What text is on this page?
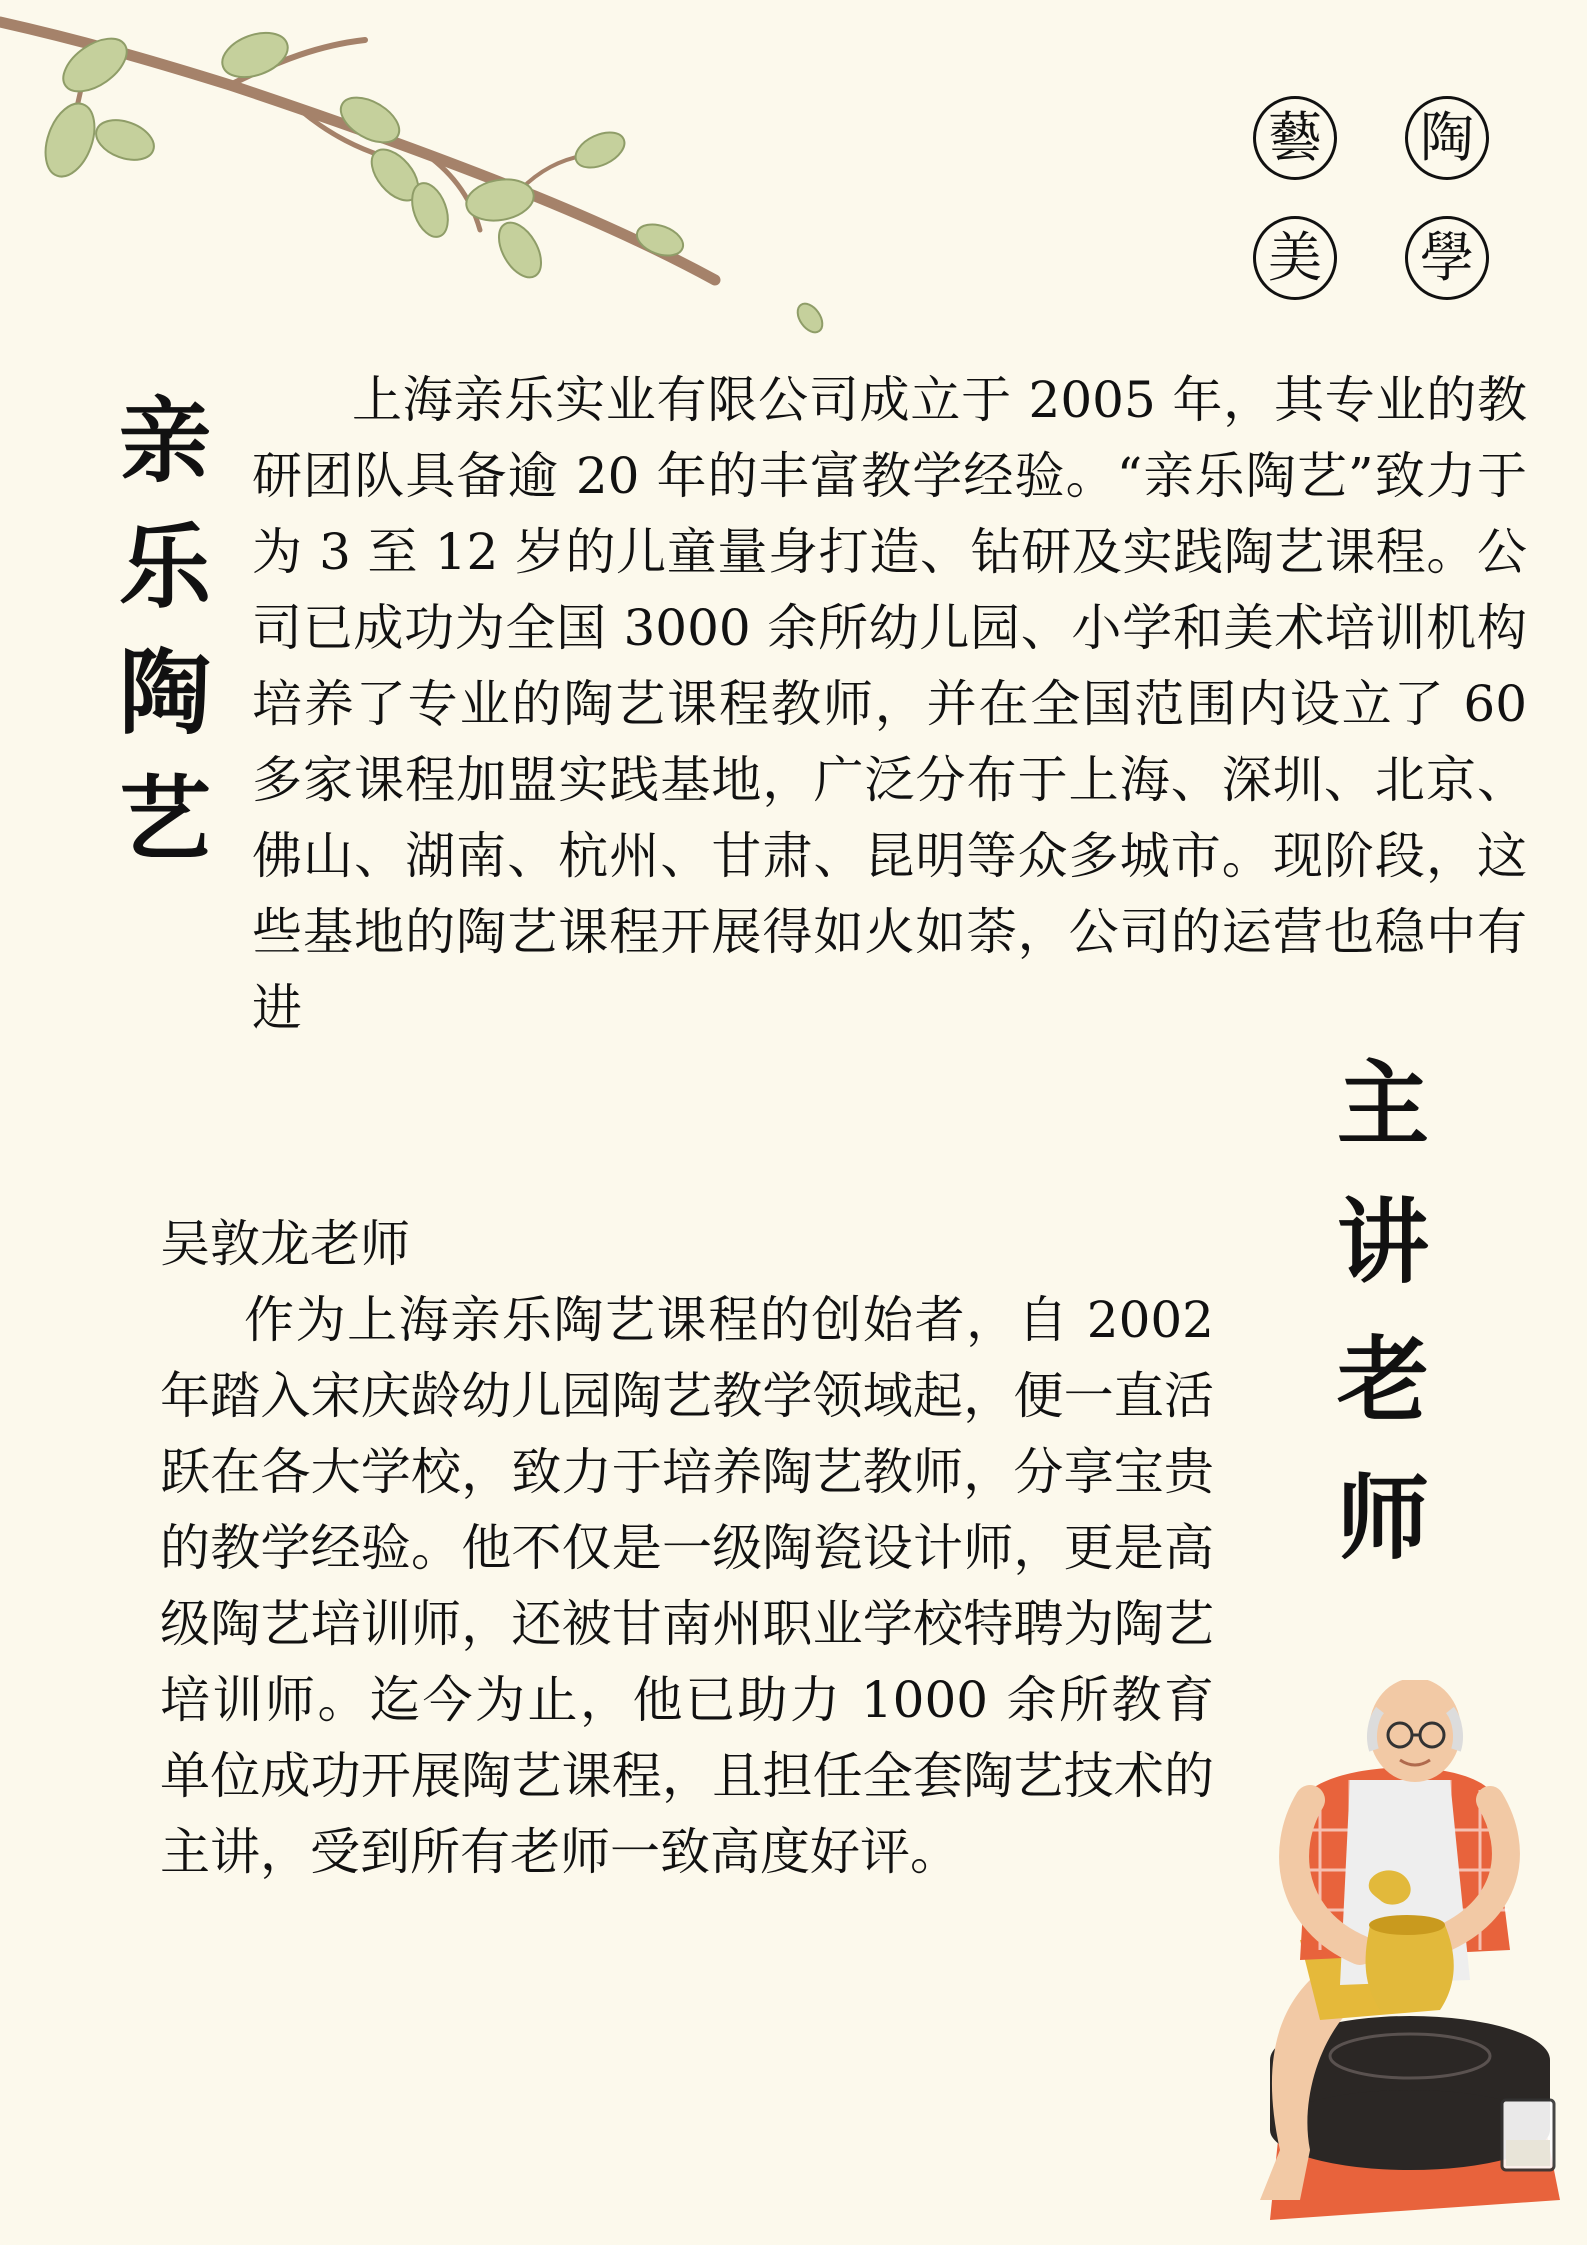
藝 陶
美 學
亲乐陶艺	上海亲乐实业有限公司成立于 2005 年，其专业的教研团队具备逾 20 年的丰富教学经验。“亲乐陶艺”致力于为 3 至 12 岁的儿童量身打造、钻研及实践陶艺课程。公司已成功为全国 3000 余所幼儿园、小学和美术培训机构培养了专业的陶艺课程教师，并在全国范围内设立了 60 多家课程加盟实践基地，广泛分布于上海、深圳、北京、佛山、湖南、杭州、甘肃、昆明等众多城市。现阶段，这些基地的陶艺课程开展得如火如荼，公司的运营也稳中有进

主讲老师

吴敦龙老师

作为上海亲乐陶艺课程的创始者，自 2002 年踏入宋庆龄幼儿园陶艺教学领域起，便一直活跃在各大学校，致力于培养陶艺教师，分享宝贵的教学经验。他不仅是一级陶瓷设计师，更是高级陶艺培训师，还被甘南州职业学校特聘为陶艺培训师。迄今为止，他已助力 1000 余所教育单位成功开展陶艺课程，且担任全套陶艺技术的主讲，受到所有老师一致高度好评。
